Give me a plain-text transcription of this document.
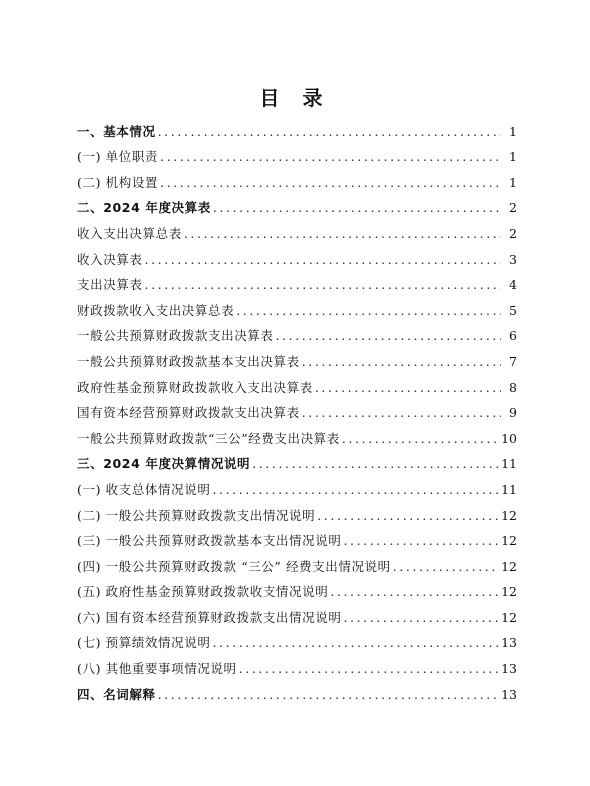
目 录
一、基本情况 .....	1
(一) 单位职责 .....	1
(二) 机构设置 .....	1
二、2024 年度决算表 .....	2
收入支出决算总表 .....	2
收入决算表 .....	3
支出决算表 .....	4
财政拨款收入支出决算总表 .....	5
一般公共预算财政拨款支出决算表 .....	6
一般公共预算财政拨款基本支出决算表 .....	7
政府性基金预算财政拨款收入支出决算表 .....	8
国有资本经营预算财政拨款支出决算表 .....	9
一般公共预算财政拨款“三公”经费支出决算表 .....	10
三、2024 年度决算情况说明 .....	11
(一) 收支总体情况说明 .....	11
(二) 一般公共预算财政拨款支出情况说明 .....	12
(三) 一般公共预算财政拨款基本支出情况说明 .....	12
(四) 一般公共预算财政拨款 “三公” 经费支出情况说明 .....	12
(五) 政府性基金预算财政拨款收支情况说明 .....	12
(六) 国有资本经营预算财政拨款支出情况说明 .....	12
(七) 预算绩效情况说明 .....	13
(八) 其他重要事项情况说明 .....	13
四、名词解释 .....	13
